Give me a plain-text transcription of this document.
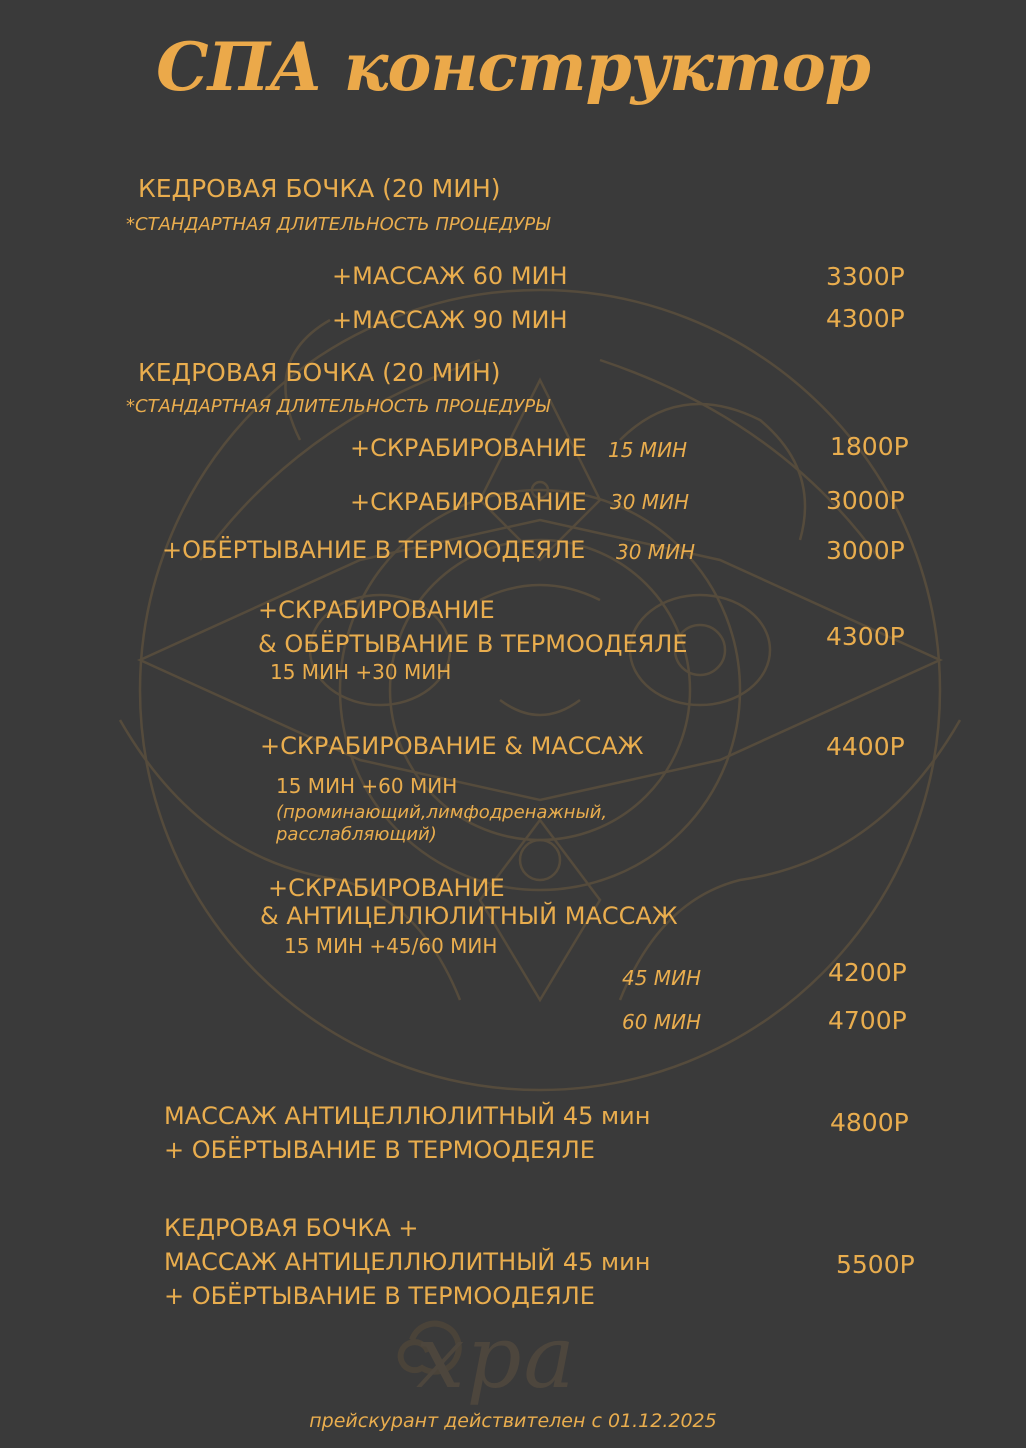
хра
СПА конструктор
КЕДРОВАЯ БОЧКА (20 МИН)
*СТАНДАРТНАЯ ДЛИТЕЛЬНОСТЬ ПРОЦЕДУРЫ
+МАССАЖ 60 МИН	3300Р
+МАССАЖ 90 МИН	4300Р
КЕДРОВАЯ БОЧКА (20 МИН)
*СТАНДАРТНАЯ ДЛИТЕЛЬНОСТЬ ПРОЦЕДУРЫ
+СКРАБИРОВАНИЕ 15 МИН	1800Р
+СКРАБИРОВАНИЕ 30 МИН	3000Р
+ОБЁРТЫВАНИЕ В ТЕРМООДЕЯЛЕ 30 МИН	3000Р
+СКРАБИРОВАНИЕ
& ОБЁРТЫВАНИЕ В ТЕРМООДЕЯЛЕ
15 МИН +30 МИН
4300Р
+СКРАБИРОВАНИЕ & МАССАЖ
15 МИН +60 МИН
(проминающий,лимфодренажный,
расслабляющий)
4400Р
+СКРАБИРОВАНИЕ
& АНТИЦЕЛЛЮЛИТНЫЙ МАССАЖ
15 МИН +45/60 МИН
45 МИН	4200Р
60 МИН	4700Р
МАССАЖ АНТИЦЕЛЛЮЛИТНЫЙ 45 мин
+ ОБЁРТЫВАНИЕ В ТЕРМООДЕЯЛЕ
4800Р
КЕДРОВАЯ БОЧКА +
МАССАЖ АНТИЦЕЛЛЮЛИТНЫЙ 45 мин
+ ОБЁРТЫВАНИЕ В ТЕРМООДЕЯЛЕ
5500Р
прейскурант действителен с 01.12.2025
